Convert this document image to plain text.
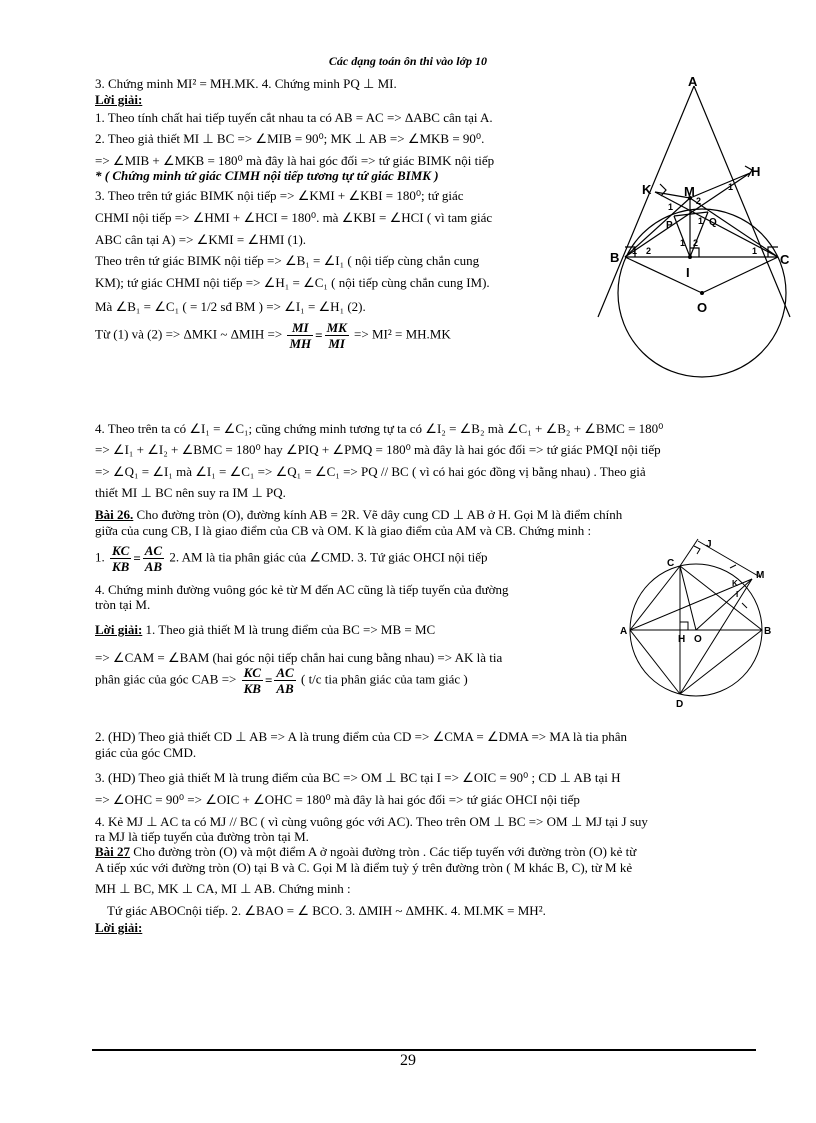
Các dạng toán ôn thi vào lớp 10
3. Chứng minh MI² = MH.MK. 4. Chứng minh PQ ⊥ MI.
Lời giải:
1. Theo tính chất hai tiếp tuyến cắt nhau ta có AB = AC => ΔABC cân tại A.
2. Theo giả thiết MI ⊥ BC => ∠MIB = 90⁰; MK ⊥ AB => ∠MKB = 90⁰.
=> ∠MIB + ∠MKB = 180⁰ mà đây là hai góc đối => tứ giác BIMK nội tiếp
* ( Chứng minh tứ giác CIMH nội tiếp tương tự tứ giác BIMK )
3. Theo trên tứ giác BIMK nội tiếp => ∠KMI + ∠KBI = 180⁰; tứ giác
CHMI nội tiếp => ∠HMI + ∠HCI = 180⁰. mà ∠KBI = ∠HCI ( vì tam giác
ABC cân tại A) => ∠KMI = ∠HMI (1).
Theo trên tứ giác BIMK nội tiếp => ∠B₁ = ∠I₁ ( nội tiếp cùng chắn cung
KM); tứ giác CHMI nội tiếp => ∠H₁ = ∠C₁ ( nội tiếp cùng chắn cung IM).
Mà ∠B₁ = ∠C₁ ( = 1/2 sđ BM ) => ∠I₁ = ∠H₁ (2).
Từ (1) và (2) => ΔMKI ~ $\Delta MIH => \frac{MI}{MH} = \frac{MK}{MI} => MI^2 = MH.MK$
4. Theo trên ta có ∠I₁ = ∠C₁; cũng chứng minh tương tự ta có ∠I₂ = ∠B₂ mà ∠C₁ + ∠B₂ + ∠BMC = 180⁰
=> ∠I₁ + ∠I₂ + ∠BMC = 180⁰ hay ∠PIQ + ∠PMQ = 180⁰ mà đây là hai góc đối => tứ giác PMQI nội tiếp
=> ∠Q₁ = ∠I₁ mà ∠I₁ = ∠C₁ => ∠Q₁ = ∠C₁ => PQ // BC ( vì có hai góc đồng vị bằng nhau) . Theo giả
thiết MI ⊥ BC nên suy ra IM ⊥ PQ.
Bài 26. Cho đường tròn (O), đường kính AB = 2R. Vẽ dây cung CD ⊥ AB ở H. Gọi M là điểm chính
giữa của cung CB, I là giao điểm của CB và OM. K là giao điểm của AM và CB. Chứng minh :
1. $\frac{KC}{KB} = \frac{AC}{AB} 2$. AM là tia phân giác của ∠CMD. 3. Tứ giác OHCI nội tiếp
4. Chứng minh đường vuông góc kẻ từ M đến AC cũng là tiếp tuyến của đường
tròn tại M.
Lời giải: 1. Theo giả thiết M là trung điểm của BC => MB = MC
=> ∠CAM = ∠BAM (hai góc nội tiếp chắn hai cung bằng nhau) => AK là tia
phân giác của góc CAB => $\frac{KC}{KB} = \frac{AC}{AB}$ ( t/c tia phân giác của tam giác )
2. (HD) Theo giả thiết CD ⊥ AB => A là trung điểm của CD => ∠CMA = ∠DMA => MA là tia phân
giác của góc CMD.
3. (HD) Theo giả thiết M là trung điểm của BC => OM ⊥ BC tại I => ∠OIC = 90⁰ ; CD ⊥ AB tại H
=> ∠OHC = 90⁰ => ∠OIC + ∠OHC = 180⁰ mà đây là hai góc đối => tứ giác OHCI nội tiếp
4. Kẻ MJ ⊥ AC ta có MJ // BC ( vì cùng vuông góc với AC). Theo trên OM ⊥ BC => OM ⊥ MJ tại J suy
ra MJ là tiếp tuyến của đường tròn tại M.
Bài 27 Cho đường tròn (O) và một điểm A ở ngoài đường tròn . Các tiếp tuyến với đường tròn (O) kẻ từ
A tiếp xúc với đường tròn (O) tại B và C. Gọi M là điểm tuỳ ý trên đường tròn ( M khác B, C), từ M kẻ
MH ⊥ BC, MK ⊥ CA, MI ⊥ AB. Chứng minh :
Tứ giác ABOCnội tiếp. 2. ∠BAO = ∠ BCO. 3. ΔMIH ~ ΔMHK. 4. MI.MK = MH².
Lời giải:
A
K
H
M
B	C
I
O
P	Q
1
2
1 2
1
1 2	1
1
J
C
M
K
I
A
H O
B
D
29
